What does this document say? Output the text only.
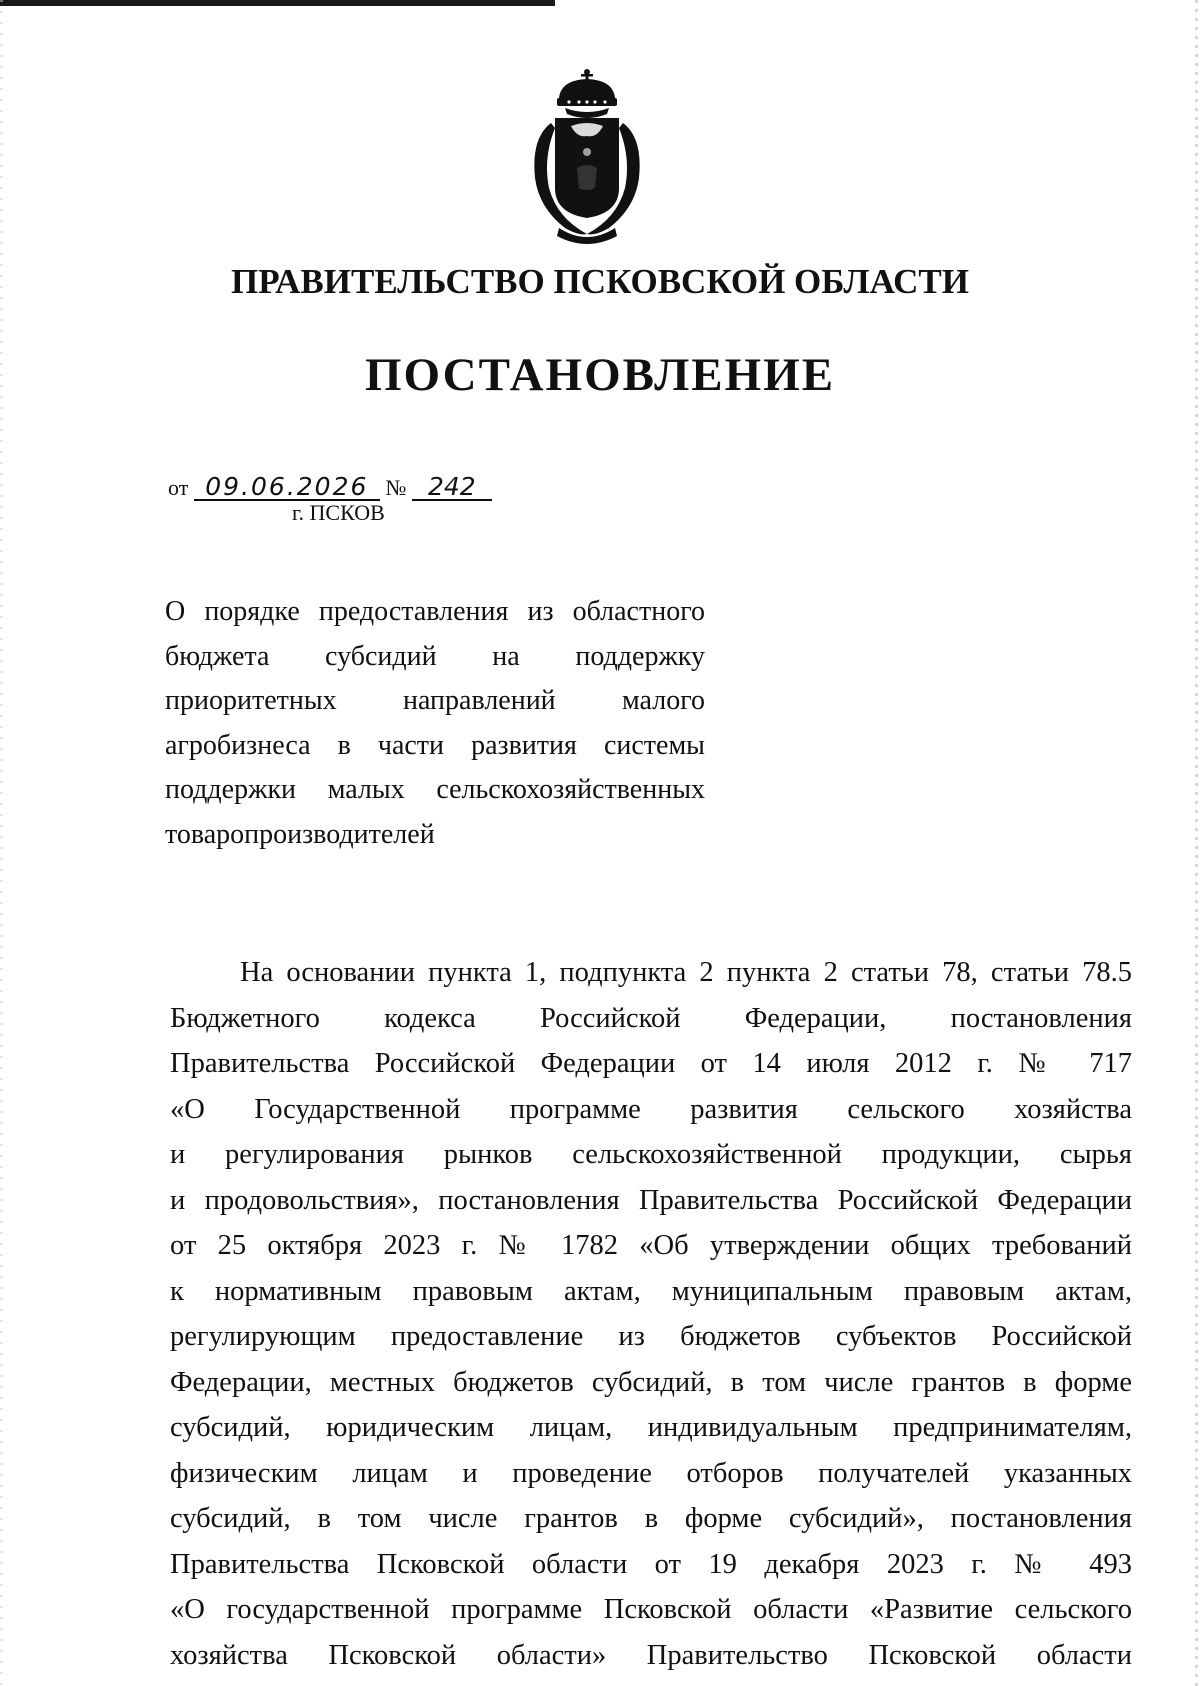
ПРАВИТЕЛЬСТВО ПСКОВСКОЙ ОБЛАСТИ
ПОСТАНОВЛЕНИЕ
от 09.06.2026 № 242
г. ПСКОВ
О порядке предоставления из областного
бюджета субсидий на поддержку
приоритетных направлений малого
агробизнеса в части развития системы
поддержки малых сельскохозяйственных
товаропроизводителей
На основании пункта 1, подпункта 2 пункта 2 статьи 78, статьи 78.5
Бюджетного кодекса Российской Федерации, постановления
Правительства Российской Федерации от 14 июля 2012 г. № 717
«О Государственной программе развития сельского хозяйства
и регулирования рынков сельскохозяйственной продукции, сырья
и продовольствия», постановления Правительства Российской Федерации
от 25 октября 2023 г. № 1782 «Об утверждении общих требований
к нормативным правовым актам, муниципальным правовым актам,
регулирующим предоставление из бюджетов субъектов Российской
Федерации, местных бюджетов субсидий, в том числе грантов в форме
субсидий, юридическим лицам, индивидуальным предпринимателям,
физическим лицам и проведение отборов получателей указанных
субсидий, в том числе грантов в форме субсидий», постановления
Правительства Псковской области от 19 декабря 2023 г. № 493
«О государственной программе Псковской области «Развитие сельского
хозяйства Псковской области» Правительство Псковской области
